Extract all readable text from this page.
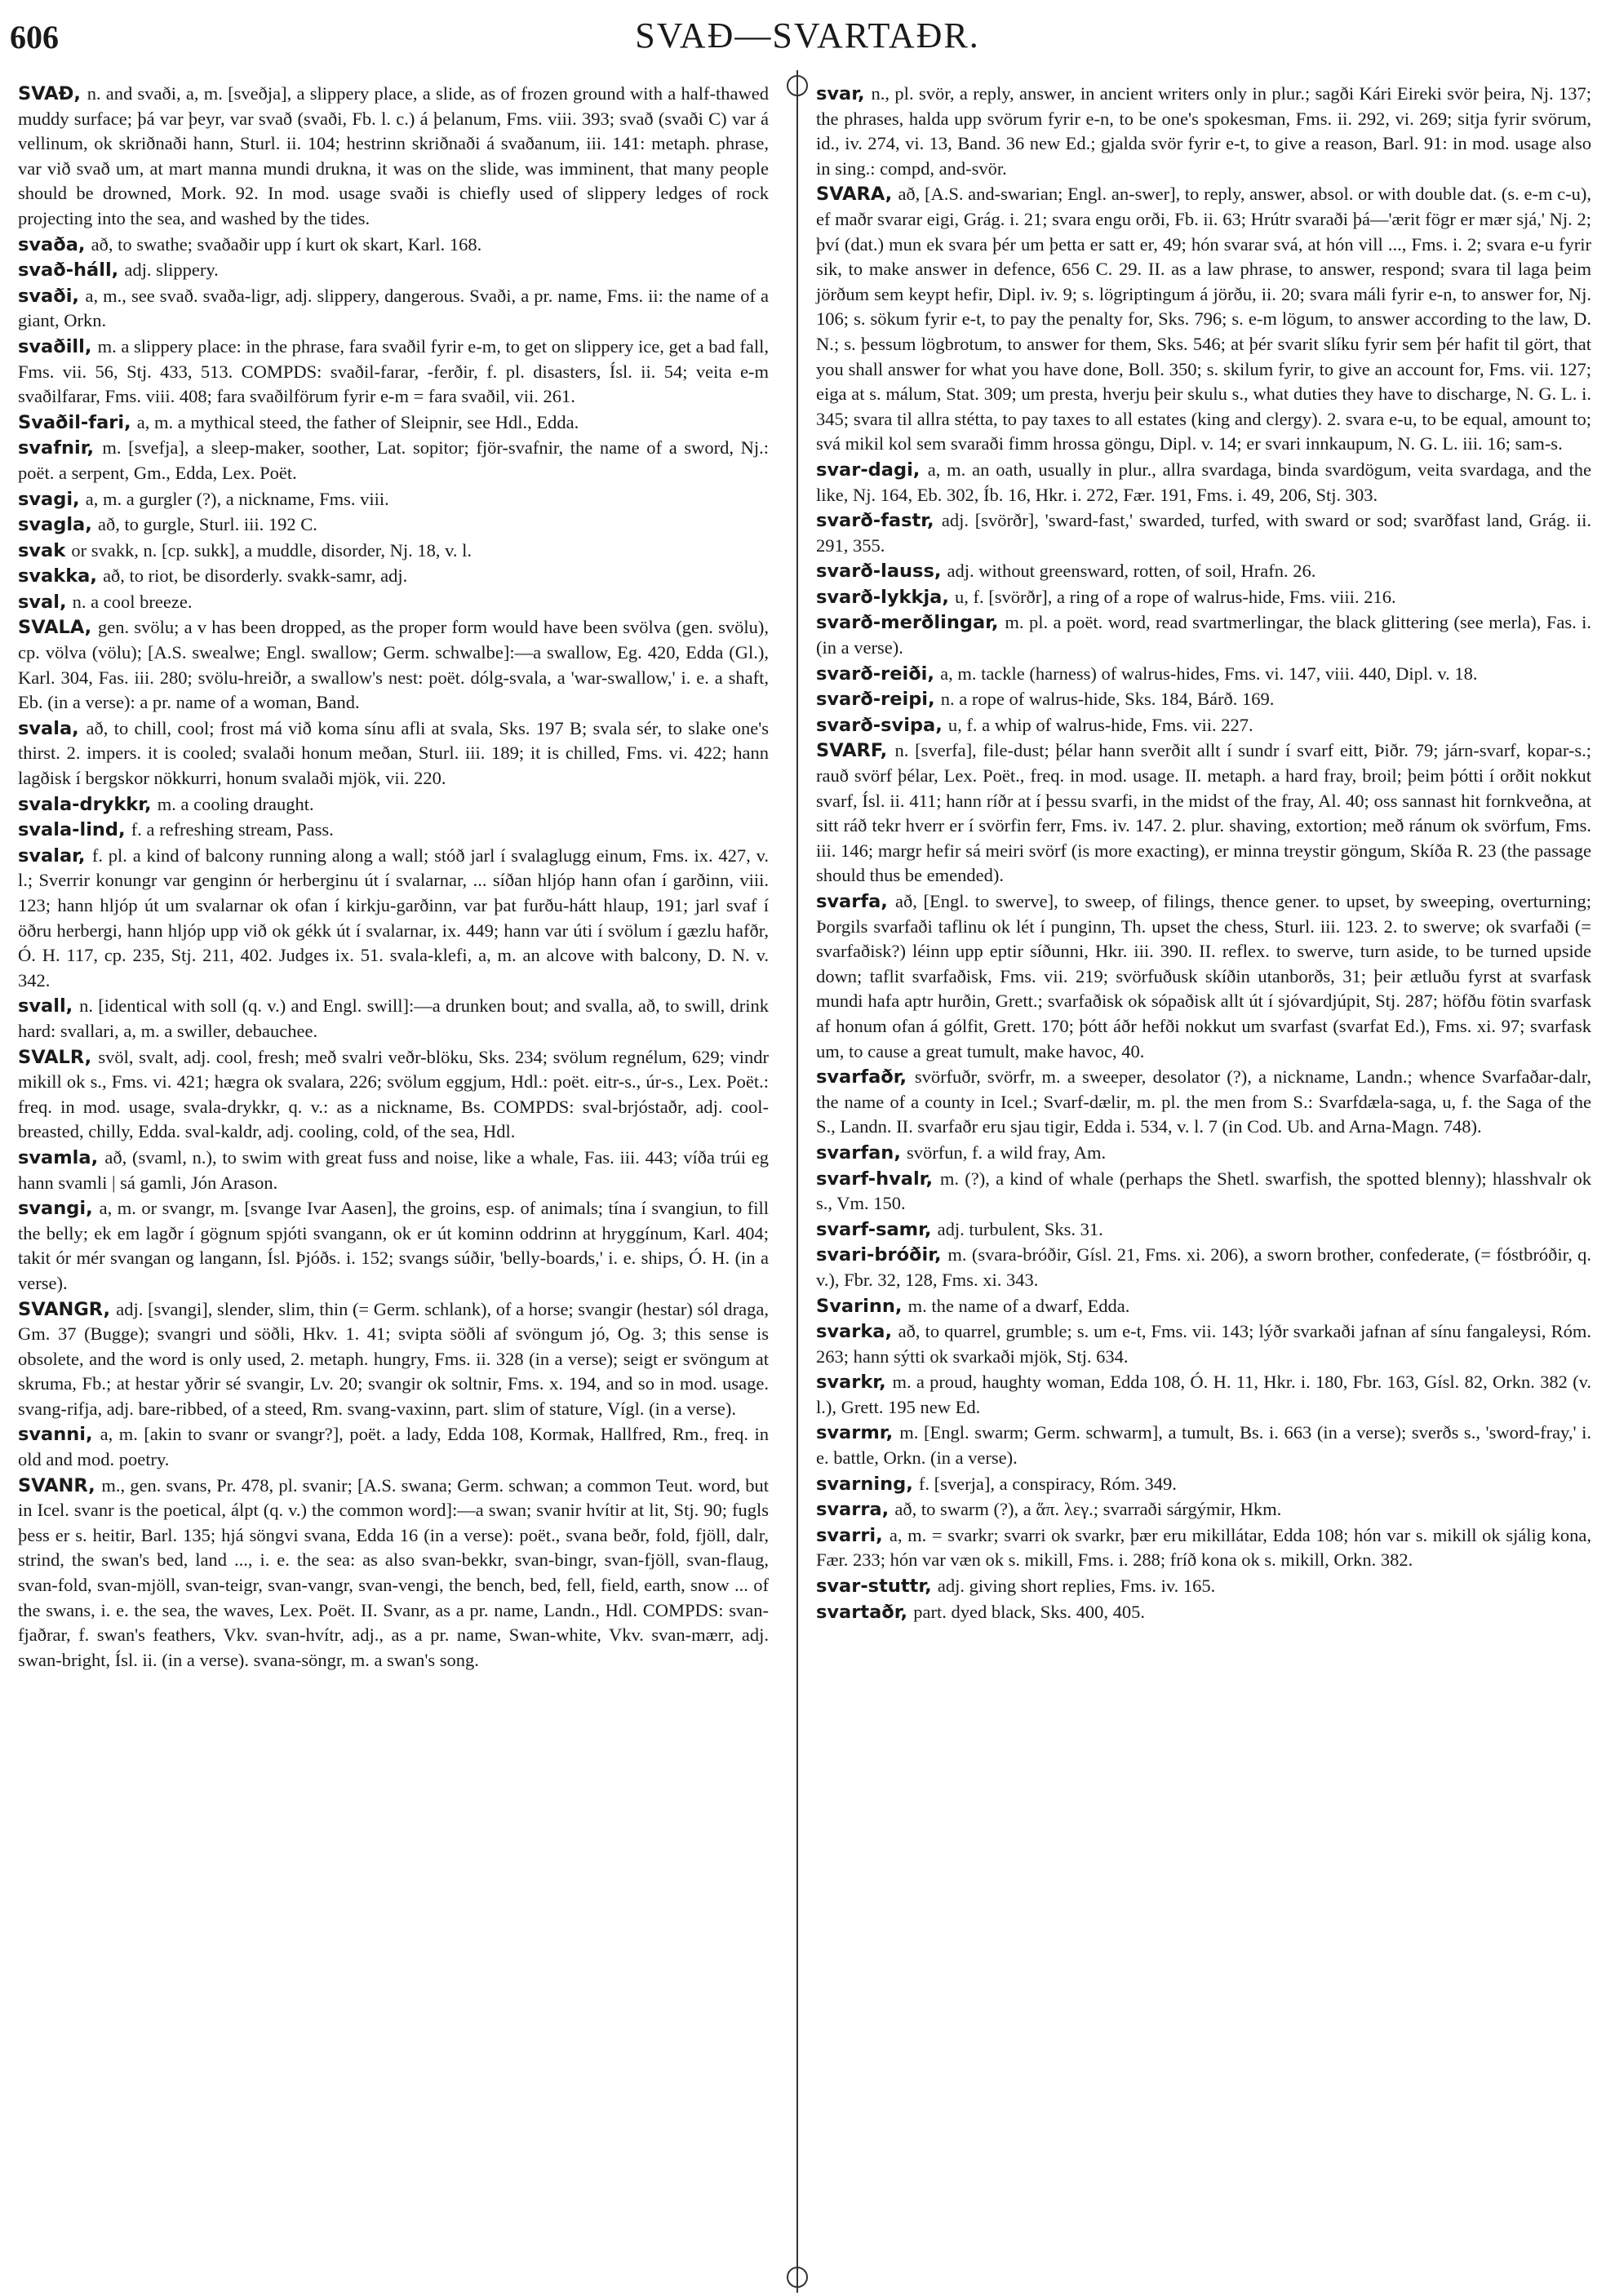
606	SVAÐ—SVARTAÐR.

SVAÐ, n. and svaði, a, m. [sveðja], a slippery place, a slide, as of frozen ground with a half-thawed muddy surface; þá var þeyr, var svað (svaði, Fb. l. c.) á þelanum, Fms. viii. 393; svað (svaði C) var á vellinum, ok skriðnaði hann, Sturl. ii. 104; hestrinn skriðnaði á svaðanum, iii. 141: metaph. phrase, var við svað um, at mart manna mundi drukna, it was on the slide, was imminent, that many people should be drowned, Mork. 92. In mod. usage svaði is chiefly used of slippery ledges of rock projecting into the sea, and washed by the tides.

svaða, að, to swathe; svaðaðir upp í kurt ok skart, Karl. 168.

svað-háll, adj. slippery.

svaði, a, m., see svað. svaða-ligr, adj. slippery, dangerous. Svaði, a pr. name, Fms. ii: the name of a giant, Orkn.

svaðill, m. a slippery place: in the phrase, fara svaðil fyrir e-m, to get on slippery ice, get a bad fall, Fms. vii. 56, Stj. 433, 513. COMPDS: svaðil-farar, -ferðir, f. pl. disasters, Ísl. ii. 54; veita e-m svaðilfarar, Fms. viii. 408; fara svaðilförum fyrir e-m = fara svaðil, vii. 261.

Svaðil-fari, a, m. a mythical steed, the father of Sleipnir, see Hdl., Edda.

svafnir, m. [svefja], a sleep-maker, soother, Lat. sopitor; fjör-svafnir, the name of a sword, Nj.: poët. a serpent, Gm., Edda, Lex. Poët.

svagi, a, m. a gurgler (?), a nickname, Fms. viii.

svagla, að, to gurgle, Sturl. iii. 192 C.

svak or svakk, n. [cp. sukk], a muddle, disorder, Nj. 18, v. l.

svakka, að, to riot, be disorderly. svakk-samr, adj.

sval, n. a cool breeze.

SVALA, gen. svölu; a v has been dropped, as the proper form would have been svölva (gen. svölu), cp. völva (völu); [A.S. swealwe; Engl. swallow; Germ. schwalbe]:—a swallow, Eg. 420, Edda (Gl.), Karl. 304, Fas. iii. 280; svölu-hreiðr, a swallow's nest: poët. dólg-svala, a 'war-swallow,' i. e. a shaft, Eb. (in a verse): a pr. name of a woman, Band.

svala, að, to chill, cool; frost má við koma sínu afli at svala, Sks. 197 B; svala sér, to slake one's thirst. 2. impers. it is cooled; svalaði honum meðan, Sturl. iii. 189; it is chilled, Fms. vi. 422; hann lagðisk í bergskor nökkurri, honum svalaði mjök, vii. 220.

svala-drykkr, m. a cooling draught.

svala-lind, f. a refreshing stream, Pass.

svalar, f. pl. a kind of balcony running along a wall; stóð jarl í svalaglugg einum, Fms. ix. 427, v. l.; Sverrir konungr var genginn ór herberginu út í svalarnar, ... síðan hljóp hann ofan í garðinn, viii. 123; hann hljóp út um svalarnar ok ofan í kirkju-garðinn, var þat furðu-hátt hlaup, 191; jarl svaf í öðru herbergi, hann hljóp upp við ok gékk út í svalarnar, ix. 449; hann var úti í svölum í gæzlu hafðr, Ó. H. 117, cp. 235, Stj. 211, 402. Judges ix. 51. svala-klefi, a, m. an alcove with balcony, D. N. v. 342.

svall, n. [identical with soll (q. v.) and Engl. swill]:—a drunken bout; and svalla, að, to swill, drink hard: svallari, a, m. a swiller, debauchee.

SVALR, svöl, svalt, adj. cool, fresh; með svalri veðr-blöku, Sks. 234; svölum regnélum, 629; vindr mikill ok s., Fms. vi. 421; hægra ok svalara, 226; svölum eggjum, Hdl.: poët. eitr-s., úr-s., Lex. Poët.: freq. in mod. usage, svala-drykkr, q. v.: as a nickname, Bs. COMPDS: sval-brjóstaðr, adj. cool-breasted, chilly, Edda. sval-kaldr, adj. cooling, cold, of the sea, Hdl.

svamla, að, (svaml, n.), to swim with great fuss and noise, like a whale, Fas. iii. 443; víða trúi eg hann svamli | sá gamli, Jón Arason.

svangi, a, m. or svangr, m. [svange Ivar Aasen], the groins, esp. of animals; tína í svangiun, to fill the belly; ek em lagðr í gögnum spjóti svangann, ok er út kominn oddrinn at hryggínum, Karl. 404; takit ór mér svangan og langann, Ísl. Þjóðs. i. 152; svangs súðir, 'belly-boards,' i. e. ships, Ó. H. (in a verse).

SVANGR, adj. [svangi], slender, slim, thin (= Germ. schlank), of a horse; svangir (hestar) sól draga, Gm. 37 (Bugge); svangri und söðli, Hkv. 1. 41; svipta söðli af svöngum jó, Og. 3; this sense is obsolete, and the word is only used, 2. metaph. hungry, Fms. ii. 328 (in a verse); seigt er svöngum at skruma, Fb.; at hestar yðrir sé svangir, Lv. 20; svangir ok soltnir, Fms. x. 194, and so in mod. usage. svang-rifja, adj. bare-ribbed, of a steed, Rm. svang-vaxinn, part. slim of stature, Vígl. (in a verse).

svanni, a, m. [akin to svanr or svangr?], poët. a lady, Edda 108, Kormak, Hallfred, Rm., freq. in old and mod. poetry.

SVANR, m., gen. svans, Pr. 478, pl. svanir; [A.S. swana; Germ. schwan; a common Teut. word, but in Icel. svanr is the poetical, álpt (q. v.) the common word]:—a swan; svanir hvítir at lit, Stj. 90; fugls þess er s. heitir, Barl. 135; hjá söngvi svana, Edda 16 (in a verse): poët., svana beðr, fold, fjöll, dalr, strind, the swan's bed, land ..., i. e. the sea: as also svan-bekkr, svan-bingr, svan-fjöll, svan-flaug, svan-fold, svan-mjöll, svan-teigr, svan-vangr, svan-vengi, the bench, bed, fell, field, earth, snow ... of the swans, i. e. the sea, the waves, Lex. Poët. II. Svanr, as a pr. name, Landn., Hdl. COMPDS: svan-fjaðrar, f. swan's feathers, Vkv. svan-hvítr, adj., as a pr. name, Swan-white, Vkv. svan-mærr, adj. swan-bright, Ísl. ii. (in a verse). svana-söngr, m. a swan's song.

svar, n., pl. svör, a reply, answer, in ancient writers only in plur.; sagði Kári Eireki svör þeira, Nj. 137; the phrases, halda upp svörum fyrir e-n, to be one's spokesman, Fms. ii. 292, vi. 269; sitja fyrir svörum, id., iv. 274, vi. 13, Band. 36 new Ed.; gjalda svör fyrir e-t, to give a reason, Barl. 91: in mod. usage also in sing.: compd, and-svör.

SVARA, að, [A.S. and-swarian; Engl. an-swer], to reply, answer, absol. or with double dat. (s. e-m c-u), ef maðr svarar eigi, Grág. i. 21; svara engu orði, Fb. ii. 63; Hrútr svaraði þá—'ærit fögr er mær sjá,' Nj. 2; því (dat.) mun ek svara þér um þetta er satt er, 49; hón svarar svá, at hón vill ..., Fms. i. 2; svara e-u fyrir sik, to make answer in defence, 656 C. 29. II. as a law phrase, to answer, respond; svara til laga þeim jörðum sem keypt hefir, Dipl. iv. 9; s. lögriptingum á jörðu, ii. 20; svara máli fyrir e-n, to answer for, Nj. 106; s. sökum fyrir e-t, to pay the penalty for, Sks. 796; s. e-m lögum, to answer according to the law, D. N.; s. þessum lögbrotum, to answer for them, Sks. 546; at þér svarit slíku fyrir sem þér hafit til gört, that you shall answer for what you have done, Boll. 350; s. skilum fyrir, to give an account for, Fms. vii. 127; eiga at s. málum, Stat. 309; um presta, hverju þeir skulu s., what duties they have to discharge, N. G. L. i. 345; svara til allra stétta, to pay taxes to all estates (king and clergy). 2. svara e-u, to be equal, amount to; svá mikil kol sem svaraði fimm hrossa göngu, Dipl. v. 14; er svari innkaupum, N. G. L. iii. 16; sam-s.

svar-dagi, a, m. an oath, usually in plur., allra svardaga, binda svardögum, veita svardaga, and the like, Nj. 164, Eb. 302, Íb. 16, Hkr. i. 272, Fær. 191, Fms. i. 49, 206, Stj. 303.

svarð-fastr, adj. [svörðr], 'sward-fast,' swarded, turfed, with sward or sod; svarðfast land, Grág. ii. 291, 355.

svarð-lauss, adj. without greensward, rotten, of soil, Hrafn. 26.

svarð-lykkja, u, f. [svörðr], a ring of a rope of walrus-hide, Fms. viii. 216.

svarð-merðlingar, m. pl. a poët. word, read svartmerlingar, the black glittering (see merla), Fas. i. (in a verse).

svarð-reiði, a, m. tackle (harness) of walrus-hides, Fms. vi. 147, viii. 440, Dipl. v. 18.

svarð-reipi, n. a rope of walrus-hide, Sks. 184, Bárð. 169.

svarð-svipa, u, f. a whip of walrus-hide, Fms. vii. 227.

SVARF, n. [sverfa], file-dust; þélar hann sverðit allt í sundr í svarf eitt, Þiðr. 79; járn-svarf, kopar-s.; rauð svörf þélar, Lex. Poët., freq. in mod. usage. II. metaph. a hard fray, broil; þeim þótti í orðit nokkut svarf, Ísl. ii. 411; hann ríðr at í þessu svarfi, in the midst of the fray, Al. 40; oss sannast hit fornkveðna, at sitt ráð tekr hverr er í svörfin ferr, Fms. iv. 147. 2. plur. shaving, extortion; með ránum ok svörfum, Fms. iii. 146; margr hefir sá meiri svörf (is more exacting), er minna treystir göngum, Skíða R. 23 (the passage should thus be emended).

svarfa, að, [Engl. to swerve], to sweep, of filings, thence gener. to upset, by sweeping, overturning; Þorgils svarfaði taflinu ok lét í punginn, Th. upset the chess, Sturl. iii. 123. 2. to swerve; ok svarfaði (= svarfaðisk?) léinn upp eptir síðunni, Hkr. iii. 390. II. reflex. to swerve, turn aside, to be turned upside down; taflit svarfaðisk, Fms. vii. 219; svörfuðusk skíðin utanborðs, 31; þeir ætluðu fyrst at svarfask mundi hafa aptr hurðin, Grett.; svarfaðisk ok sópaðisk allt út í sjóvardjúpit, Stj. 287; höfðu fötin svarfask af honum ofan á gólfit, Grett. 170; þótt áðr hefði nokkut um svarfast (svarfat Ed.), Fms. xi. 97; svarfask um, to cause a great tumult, make havoc, 40.

svarfaðr, svörfuðr, svörfr, m. a sweeper, desolator (?), a nickname, Landn.; whence Svarfaðar-dalr, the name of a county in Icel.; Svarf-dælir, m. pl. the men from S.: Svarfdæla-saga, u, f. the Saga of the S., Landn. II. svarfaðr eru sjau tigir, Edda i. 534, v. l. 7 (in Cod. Ub. and Arna-Magn. 748).

svarfan, svörfun, f. a wild fray, Am.

svarf-hvalr, m. (?), a kind of whale (perhaps the Shetl. swarfish, the spotted blenny); hlasshvalr ok s., Vm. 150.

svarf-samr, adj. turbulent, Sks. 31.

svari-bróðir, m. (svara-bróðir, Gísl. 21, Fms. xi. 206), a sworn brother, confederate, (= fóstbróðir, q. v.), Fbr. 32, 128, Fms. xi. 343.

Svarinn, m. the name of a dwarf, Edda.

svarka, að, to quarrel, grumble; s. um e-t, Fms. vii. 143; lýðr svarkaði jafnan af sínu fangaleysi, Róm. 263; hann sýtti ok svarkaði mjök, Stj. 634.

svarkr, m. a proud, haughty woman, Edda 108, Ó. H. 11, Hkr. i. 180, Fbr. 163, Gísl. 82, Orkn. 382 (v. l.), Grett. 195 new Ed.

svarmr, m. [Engl. swarm; Germ. schwarm], a tumult, Bs. i. 663 (in a verse); sverðs s., 'sword-fray,' i. e. battle, Orkn. (in a verse).

svarning, f. [sverja], a conspiracy, Róm. 349.

svarra, að, to swarm (?), a ἅπ. λεγ.; svarraði sárgýmir, Hkm.

svarri, a, m. = svarkr; svarri ok svarkr, þær eru mikillátar, Edda 108; hón var s. mikill ok sjálig kona, Fær. 233; hón var væn ok s. mikill, Fms. i. 288; fríð kona ok s. mikill, Orkn. 382.

svar-stuttr, adj. giving short replies, Fms. iv. 165.

svartaðr, part. dyed black, Sks. 400, 405.
